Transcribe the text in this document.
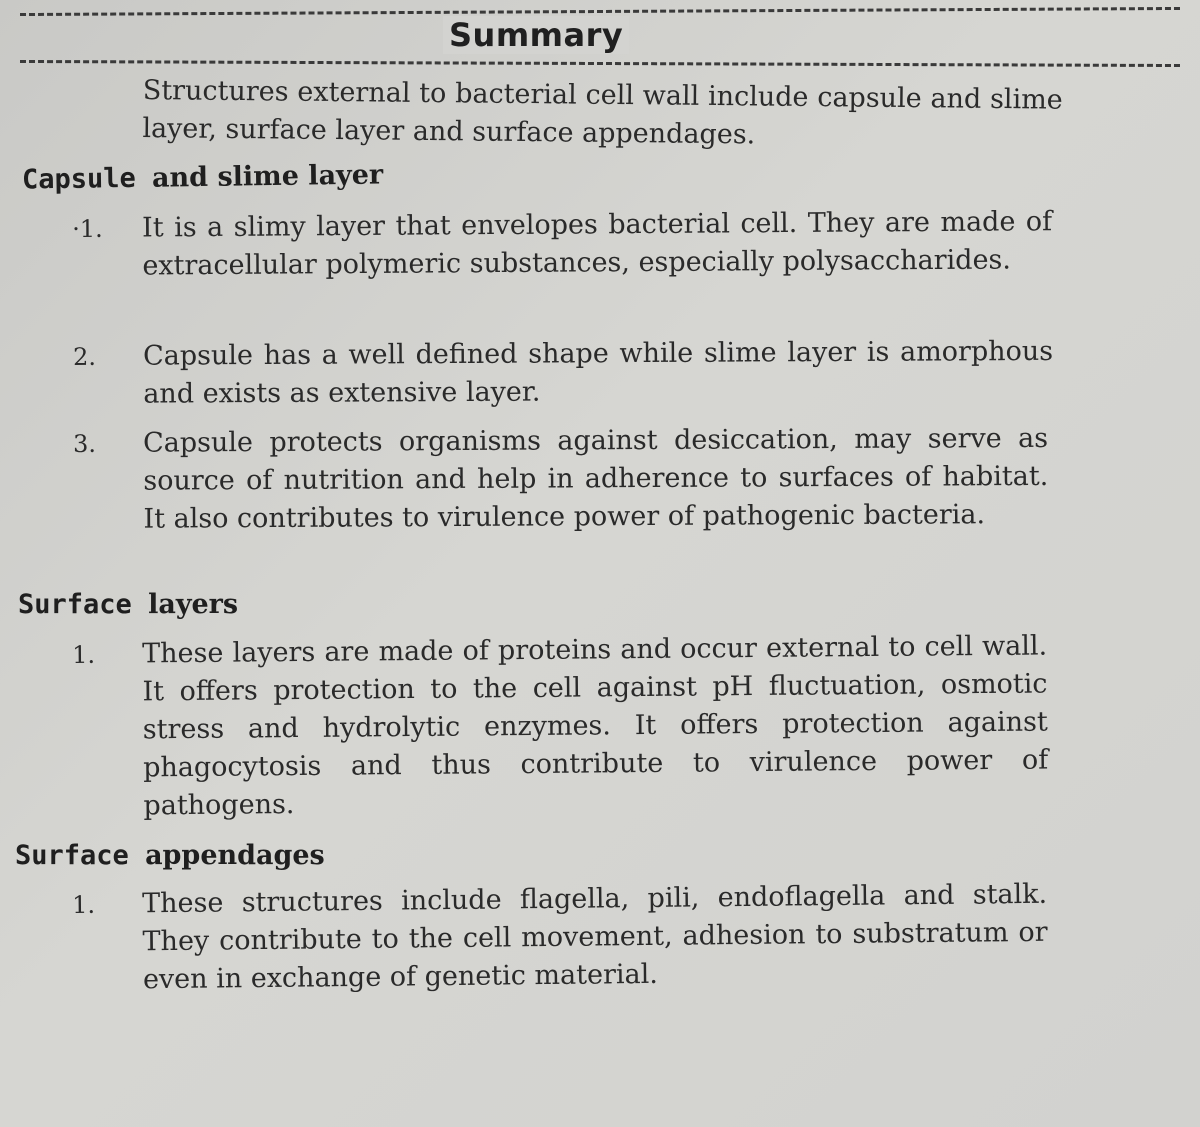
Summary
Structures external to bacterial cell wall include capsule and slime layer, surface layer and surface appendages.
Capsule and slime layer
·1.	It is a slimy layer that envelopes bacterial cell. They are made of extracellular polymeric substances, especially polysaccharides.
2.	Capsule has a well defined shape while slime layer is amorphous and exists as extensive layer.
3.	Capsule protects organisms against desiccation, may serve as source of nutrition and help in adherence to surfaces of habitat. It also contributes to virulence power of pathogenic bacteria.
Surface layers
1.	These layers are made of proteins and occur external to cell wall. It offers protection to the cell against pH fluctuation, osmotic stress and hydrolytic enzymes. It offers protection against phagocytosis and thus contribute to virulence power of pathogens.
Surface appendages
1.	These structures include flagella, pili, endoflagella and stalk. They contribute to the cell movement, adhesion to substratum or even in exchange of genetic material.
